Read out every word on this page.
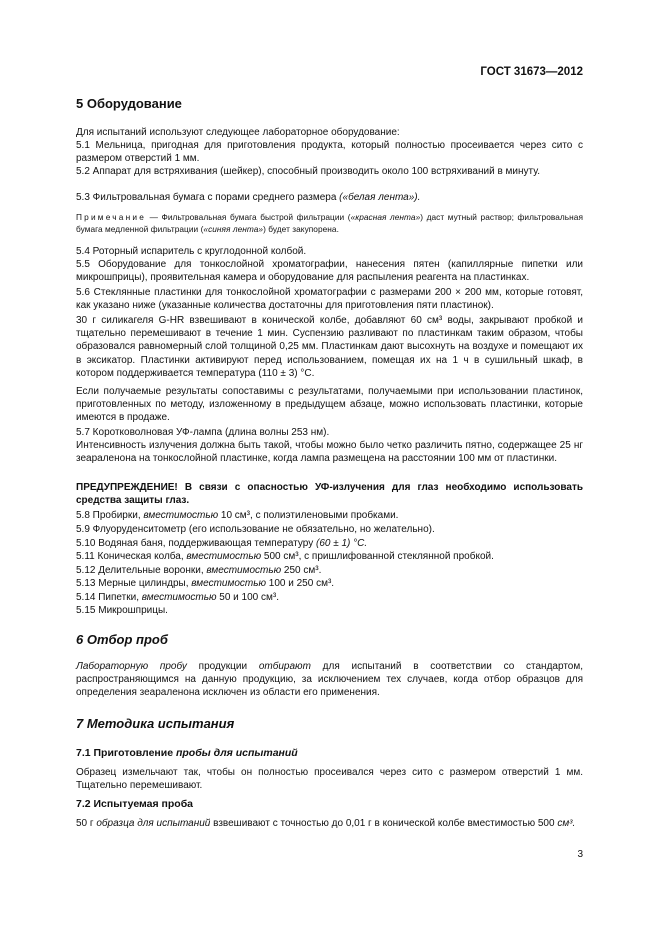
ГОСТ 31673—2012
5 Оборудование
Для испытаний используют следующее лабораторное оборудование:
5.1 Мельница, пригодная для приготовления продукта, который полностью просеивается через сито с размером отверстий 1 мм.
5.2 Аппарат для встряхивания (шейкер), способный производить около 100 встряхиваний в минуту.
5.3 Фильтровальная бумага с порами среднего размера («белая лента»).
Примечание — Фильтровальная бумага быстрой фильтрации («красная лента») даст мутный раствор; фильтровальная бумага медленной фильтрации («синяя лента») будет закупорена.
5.4 Роторный испаритель с круглодонной колбой.
5.5 Оборудование для тонкослойной хроматографии, нанесения пятен (капиллярные пипетки или микрошприцы), проявительная камера и оборудование для распыления реагента на пластинках.
5.6 Стеклянные пластинки для тонкослойной хроматографии с размерами 200 × 200 мм, которые готовят, как указано ниже (указанные количества достаточны для приготовления пяти пластинок).
30 г силикагеля G-HR взвешивают в конической колбе, добавляют 60 см³ воды, закрывают пробкой и тщательно перемешивают в течение 1 мин. Суспензию разливают по пластинкам таким образом, чтобы образовался равномерный слой толщиной 0,25 мм. Пластинкам дают высохнуть на воздухе и помещают их в эксикатор. Пластинки активируют перед использованием, помещая их на 1 ч в сушильный шкаф, в котором поддерживается температура (110 ± 3) °С.
Если получаемые результаты сопоставимы с результатами, получаемыми при использовании пластинок, приготовленных по методу, изложенному в предыдущем абзаце, можно использовать пластинки, которые имеются в продаже.
5.7 Коротковолновая УФ-лампа (длина волны 253 нм).
Интенсивность излучения должна быть такой, чтобы можно было четко различить пятно, содержащее 25 нг зеараленона на тонкослойной пластинке, когда лампа размещена на расстоянии 100 мм от пластинки.
ПРЕДУПРЕЖДЕНИЕ! В связи с опасностью УФ-излучения для глаз необходимо использовать средства защиты глаз.
5.8 Пробирки, вместимостью 10 см³, с полиэтиленовыми пробками.
5.9 Флуоруденситометр (его использование не обязательно, но желательно).
5.10 Водяная баня, поддерживающая температуру (60 ± 1) °С.
5.11 Коническая колба, вместимостью 500 см³, с пришлифованной стеклянной пробкой.
5.12 Делительные воронки, вместимостью 250 см³.
5.13 Мерные цилиндры, вместимостью 100 и 250 см³.
5.14 Пипетки, вместимостью 50 и 100 см³.
5.15 Микрошприцы.
6 Отбор проб
Лабораторную пробу продукции отбирают для испытаний в соответствии со стандартом, распространяющимся на данную продукцию, за исключением тех случаев, когда отбор образцов для определения зеараленона исключен из области его применения.
7 Методика испытания
7.1 Приготовление пробы для испытаний
Образец измельчают так, чтобы он полностью просеивался через сито с размером отверстий 1 мм. Тщательно перемешивают.
7.2 Испытуемая проба
50 г образца для испытаний взвешивают с точностью до 0,01 г в конической колбе вместимостью 500 см³.
3
